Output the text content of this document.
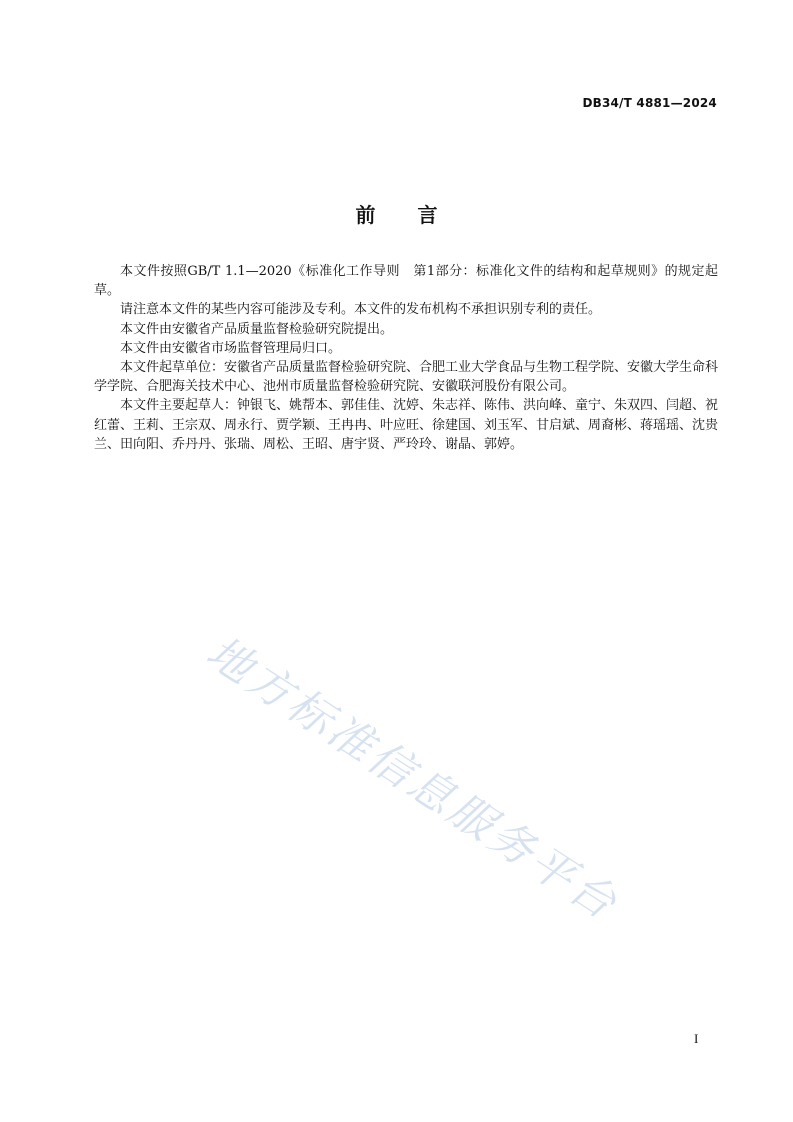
DB34/T 4881—2024
前 言

本文件按照GB/T 1.1—2020《标准化工作导则　第1部分：标准化文件的结构和起草规则》的规定起草。

请注意本文件的某些内容可能涉及专利。本文件的发布机构不承担识别专利的责任。

本文件由安徽省产品质量监督检验研究院提出。

本文件由安徽省市场监督管理局归口。

本文件起草单位：安徽省产品质量监督检验研究院、合肥工业大学食品与生物工程学院、安徽大学生命科学学院、合肥海关技术中心、池州市质量监督检验研究院、安徽联河股份有限公司。

本文件主要起草人：钟银飞、姚帮本、郭佳佳、沈婷、朱志祥、陈伟、洪向峰、童宁、朱双四、闫超、祝红蕾、王莉、王宗双、周永行、贾学颖、王冉冉、叶应旺、徐建国、刘玉军、甘启斌、周裔彬、蒋瑶瑶、沈贵兰、田向阳、乔丹丹、张瑞、周松、王昭、唐宇贤、严玲玲、谢晶、郭婷。

地方标准信息服务平台
I
